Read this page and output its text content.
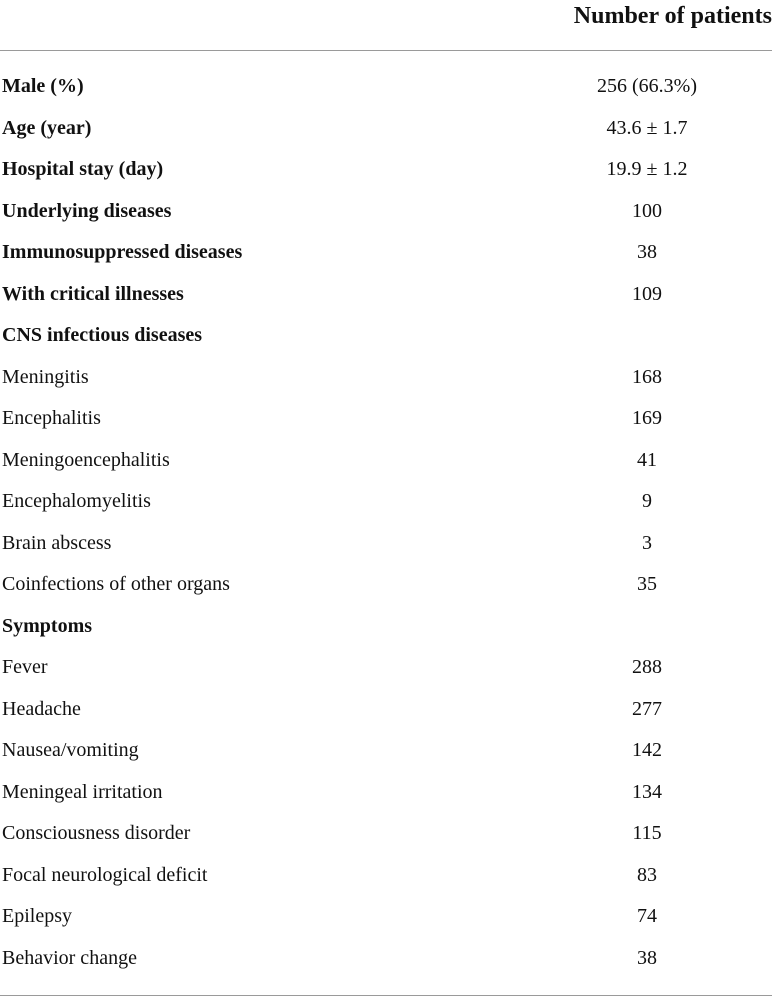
Number of patients
Male (%)	256 (66.3%)
Age (year)	43.6 ± 1.7
Hospital stay (day)	19.9 ± 1.2
Underlying diseases	100
Immunosuppressed diseases	38
With critical illnesses	109
CNS infectious diseases
Meningitis	168
Encephalitis	169
Meningoencephalitis	41
Encephalomyelitis	9
Brain abscess	3
Coinfections of other organs	35
Symptoms
Fever	288
Headache	277
Nausea/vomiting	142
Meningeal irritation	134
Consciousness disorder	115
Focal neurological deficit	83
Epilepsy	74
Behavior change	38
